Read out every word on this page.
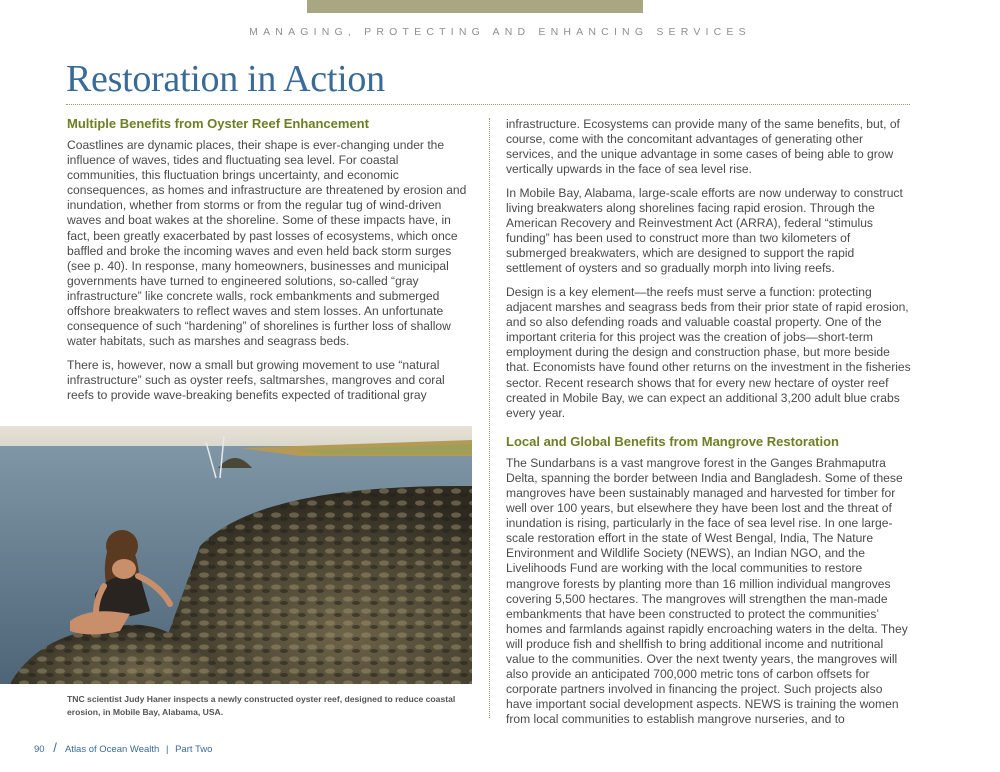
MANAGING, PROTECTING AND ENHANCING SERVICES
Restoration in Action
Multiple Benefits from Oyster Reef Enhancement

Coastlines are dynamic places, their shape is ever-changing under the influence of waves, tides and fluctuating sea level. For coastal communities, this fluctuation brings uncertainty, and economic consequences, as homes and infrastructure are threatened by erosion and inundation, whether from storms or from the regular tug of wind-driven waves and boat wakes at the shoreline. Some of these impacts have, in fact, been greatly exacerbated by past losses of ecosystems, which once baffled and broke the incoming waves and even held back storm surges (see p. 40). In response, many homeowners, businesses and municipal governments have turned to engineered solutions, so-called “gray infrastructure” like concrete walls, rock embankments and submerged offshore breakwaters to reflect waves and stem losses. An unfortunate consequence of such “hardening” of shorelines is further loss of shallow water habitats, such as marshes and seagrass beds.

There is, however, now a small but growing movement to use “natural infrastructure” such as oyster reefs, saltmarshes, mangroves and coral reefs to provide wave-breaking benefits expected of traditional gray

infrastructure. Ecosystems can provide many of the same benefits, but, of course, come with the concomitant advantages of generating other services, and the unique advantage in some cases of being able to grow vertically upwards in the face of sea level rise.

In Mobile Bay, Alabama, large-scale efforts are now underway to construct living breakwaters along shorelines facing rapid erosion. Through the American Recovery and Reinvestment Act (ARRA), federal “stimulus funding” has been used to construct more than two kilometers of submerged breakwaters, which are designed to support the rapid settlement of oysters and so gradually morph into living reefs.

Design is a key element—the reefs must serve a function: protecting adjacent marshes and seagrass beds from their prior state of rapid erosion, and so also defending roads and valuable coastal property. One of the important criteria for this project was the creation of jobs—short-term employment during the design and construction phase, but more beside that. Economists have found other returns on the investment in the fisheries sector. Recent research shows that for every new hectare of oyster reef created in Mobile Bay, we can expect an additional 3,200 adult blue crabs every year.

Local and Global Benefits from Mangrove Restoration

The Sundarbans is a vast mangrove forest in the Ganges Brahmaputra Delta, spanning the border between India and Bangladesh. Some of these mangroves have been sustainably managed and harvested for timber for well over 100 years, but elsewhere they have been lost and the threat of inundation is rising, particularly in the face of sea level rise. In one large-scale restoration effort in the state of West Bengal, India, The Nature Environment and Wildlife Society (NEWS), an Indian NGO, and the Livelihoods Fund are working with the local communities to restore mangrove forests by planting more than 16 million individual mangroves covering 5,500 hectares. The mangroves will strengthen the man-made embankments that have been constructed to protect the communities’ homes and farmlands against rapidly encroaching waters in the delta. They will produce fish and shellfish to bring additional income and nutritional value to the communities. Over the next twenty years, the mangroves will also provide an anticipated 700,000 metric tons of carbon offsets for corporate partners involved in financing the project. Such projects also have important social development aspects. NEWS is training the women from local communities to establish mangrove nurseries, and to

TNC scientist Judy Haner inspects a newly constructed oyster reef, designed to reduce coastal erosion, in Mobile Bay, Alabama, USA.
90 / Atlas of Ocean Wealth | Part Two
